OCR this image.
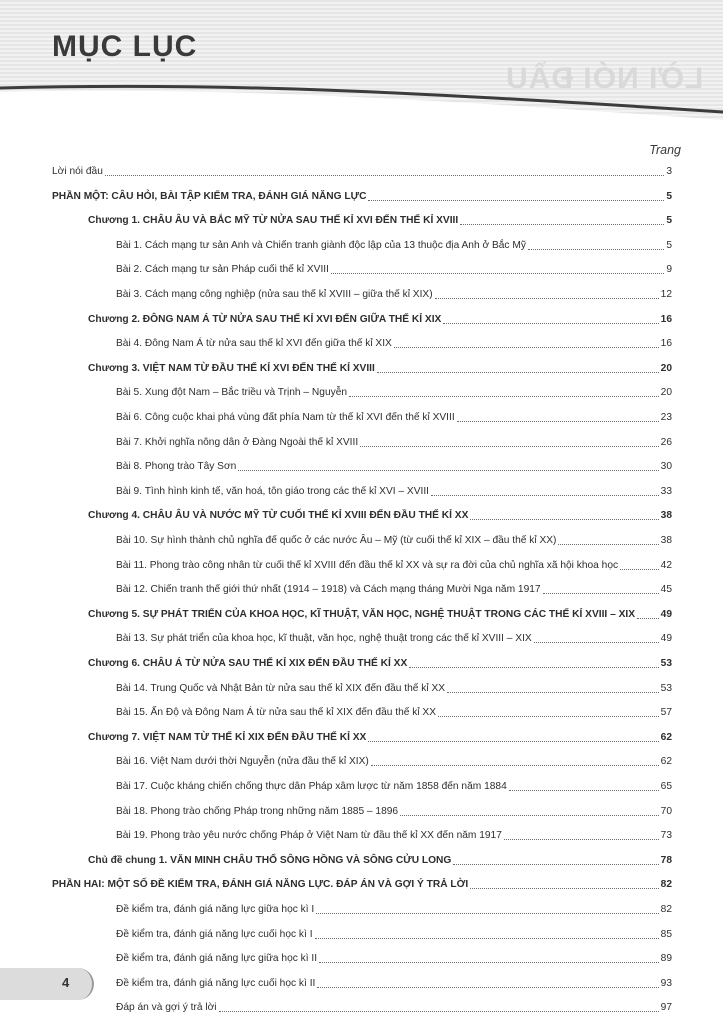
LỜI NÓI ĐẦU
MỤC LỤC
Trang
Lời nói đầu	3
PHẦN MỘT: CÂU HỎI, BÀI TẬP KIỂM TRA, ĐÁNH GIÁ NĂNG LỰC	5
Chương 1. CHÂU ÂU VÀ BẮC MỸ TỪ NỬA SAU THẾ KỈ XVI ĐẾN THẾ KỈ XVIII	5
Bài 1. Cách mạng tư sản Anh và Chiến tranh giành độc lập của 13 thuộc địa Anh ở Bắc Mỹ	5
Bài 2. Cách mạng tư sản Pháp cuối thế kỉ XVIII	9
Bài 3. Cách mạng công nghiệp (nửa sau thế kỉ XVIII – giữa thế kỉ XIX)	12
Chương 2. ĐÔNG NAM Á TỪ NỬA SAU THẾ KỈ XVI ĐẾN GIỮA THẾ KỈ XIX	16
Bài 4. Đông Nam Á từ nửa sau thế kỉ XVI đến giữa thế kỉ XIX	16
Chương 3. VIỆT NAM TỪ ĐẦU THẾ KỈ XVI ĐẾN THẾ KỈ XVIII	20
Bài 5. Xung đột Nam – Bắc triều và Trịnh – Nguyễn	20
Bài 6. Công cuộc khai phá vùng đất phía Nam từ thế kỉ XVI đến thế kỉ XVIII	23
Bài 7. Khởi nghĩa nông dân ở Đàng Ngoài thế kỉ XVIII	26
Bài 8. Phong trào Tây Sơn	30
Bài 9. Tình hình kinh tế, văn hoá, tôn giáo trong các thế kỉ XVI – XVIII	33
Chương 4. CHÂU ÂU VÀ NƯỚC MỸ TỪ CUỐI THẾ KỈ XVIII ĐẾN ĐẦU THẾ KỈ XX	38
Bài 10. Sự hình thành chủ nghĩa đế quốc ở các nước Âu – Mỹ (từ cuối thế kỉ XIX – đầu thế kỉ XX)	38
Bài 11. Phong trào công nhân từ cuối thế kỉ XVIII đến đầu thế kỉ XX và sự ra đời của chủ nghĩa xã hội khoa học	42
Bài 12. Chiến tranh thế giới thứ nhất (1914 – 1918) và Cách mạng tháng Mười Nga năm 1917	45
Chương 5. SỰ PHÁT TRIỂN CỦA KHOA HỌC, KĨ THUẬT, VĂN HỌC, NGHỆ THUẬT TRONG CÁC THẾ KỈ XVIII – XIX	49
Bài 13. Sự phát triển của khoa học, kĩ thuật, văn học, nghệ thuật trong các thế kỉ XVIII – XIX	49
Chương 6. CHÂU Á TỪ NỬA SAU THẾ KỈ XIX ĐẾN ĐẦU THẾ KỈ XX	53
Bài 14. Trung Quốc và Nhật Bản từ nửa sau thế kỉ XIX đến đầu thế kỉ XX	53
Bài 15. Ấn Độ và Đông Nam Á từ nửa sau thế kỉ XIX đến đầu thế kỉ XX	57
Chương 7. VIỆT NAM TỪ THẾ KỈ XIX ĐẾN ĐẦU THẾ KỈ XX	62
Bài 16. Việt Nam dưới thời Nguyễn (nửa đầu thế kỉ XIX)	62
Bài 17. Cuộc kháng chiến chống thực dân Pháp xâm lược từ năm 1858 đến năm 1884	65
Bài 18. Phong trào chống Pháp trong những năm 1885 – 1896	70
Bài 19. Phong trào yêu nước chống Pháp ở Việt Nam từ đầu thế kỉ XX đến năm 1917	73
Chủ đề chung 1. VĂN MINH CHÂU THỔ SÔNG HỒNG VÀ SÔNG CỬU LONG	78
PHẦN HAI: MỘT SỐ ĐỀ KIỂM TRA, ĐÁNH GIÁ NĂNG LỰC. ĐÁP ÁN VÀ GỢI Ý TRẢ LỜI	82
Đề kiểm tra, đánh giá năng lực giữa học kì I	82
Đề kiểm tra, đánh giá năng lực cuối học kì I	85
Đề kiểm tra, đánh giá năng lực giữa học kì II	89
Đề kiểm tra, đánh giá năng lực cuối học kì II	93
Đáp án và gợi ý trả lời	97
4
